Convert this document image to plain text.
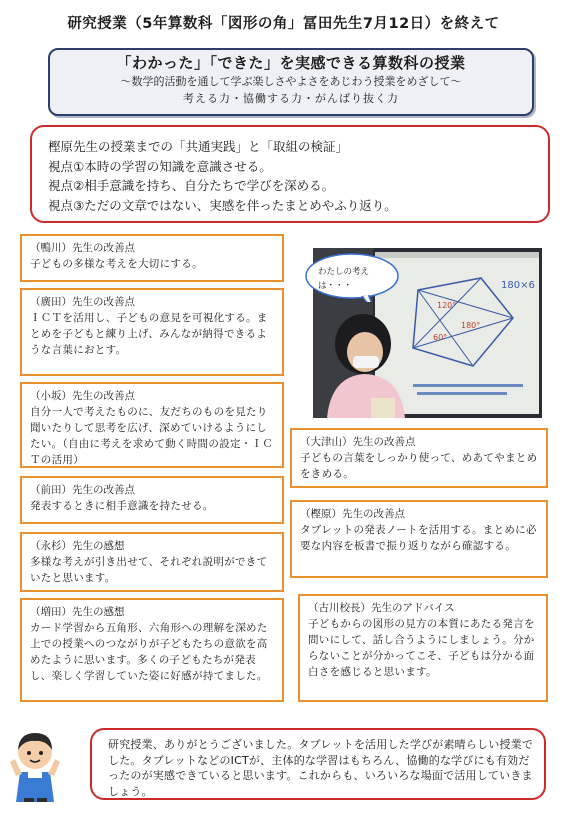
研究授業（5年算数科「図形の角」冨田先生7月12日）を終えて
「わかった」「できた」を実感できる算数科の授業
～数学的活動を通して学ぶ楽しさやよさをあじわう授業をめざして～
考える力・協働する力・がんばり抜く力
樫原先生の授業までの「共通実践」と「取組の検証」
視点①本時の学習の知識を意識させる。
視点②相手意識を持ち、自分たちで学びを深める。
視点③ただの文章ではない、実感を伴ったまとめやふり返り。
（鴨川）先生の改善点
子どもの多様な考えを大切にする。
（廣田）先生の改善点
ＩＣＴを活用し、子どもの意見を可視化する。まとめを子どもと練り上げ、みんなが納得できるような言葉におとす。
（小坂）先生の改善点
自分一人で考えたものに、友だちのものを見たり聞いたりして思考を広げ、深めていけるようにしたい。（自由に考えを求めて動く時間の設定・ＩＣＴの活用）
（前田）先生の改善点
発表するときに相手意識を持たせる。
（永杉）先生の感想
多様な考えが引き出せて、それぞれ説明ができていたと思います。
（増田）先生の感想
カード学習から五角形、六角形への理解を深めた上での授業へのつながりが子どもたちの意欲を高めたように思います。多くの子どもたちが発表し、楽しく学習していた姿に好感が持てました。
180×6
120°
180°
60°
わたしの考え
は・・・
（大津山）先生の改善点
子どもの言葉をしっかり使って、めあてやまとめをきめる。
（樫原）先生の改善点
タブレットの発表ノートを活用する。まとめに必要な内容を板書で振り返りながら確認する。
（古川校長）先生のアドバイス
子どもからの図形の見方の本質にあたる発言を問いにして、話し合うようにしましょう。分からないことが分かってこそ、子どもは分かる面白さを感じると思います。
研究授業、ありがとうございました。タブレットを活用した学びが素晴らしい授業でした。タブレットなどのICTが、主体的な学習はもちろん、協働的な学びにも有効だったのが実感できていると思います。これからも、いろいろな場面で活用していきましょう。
